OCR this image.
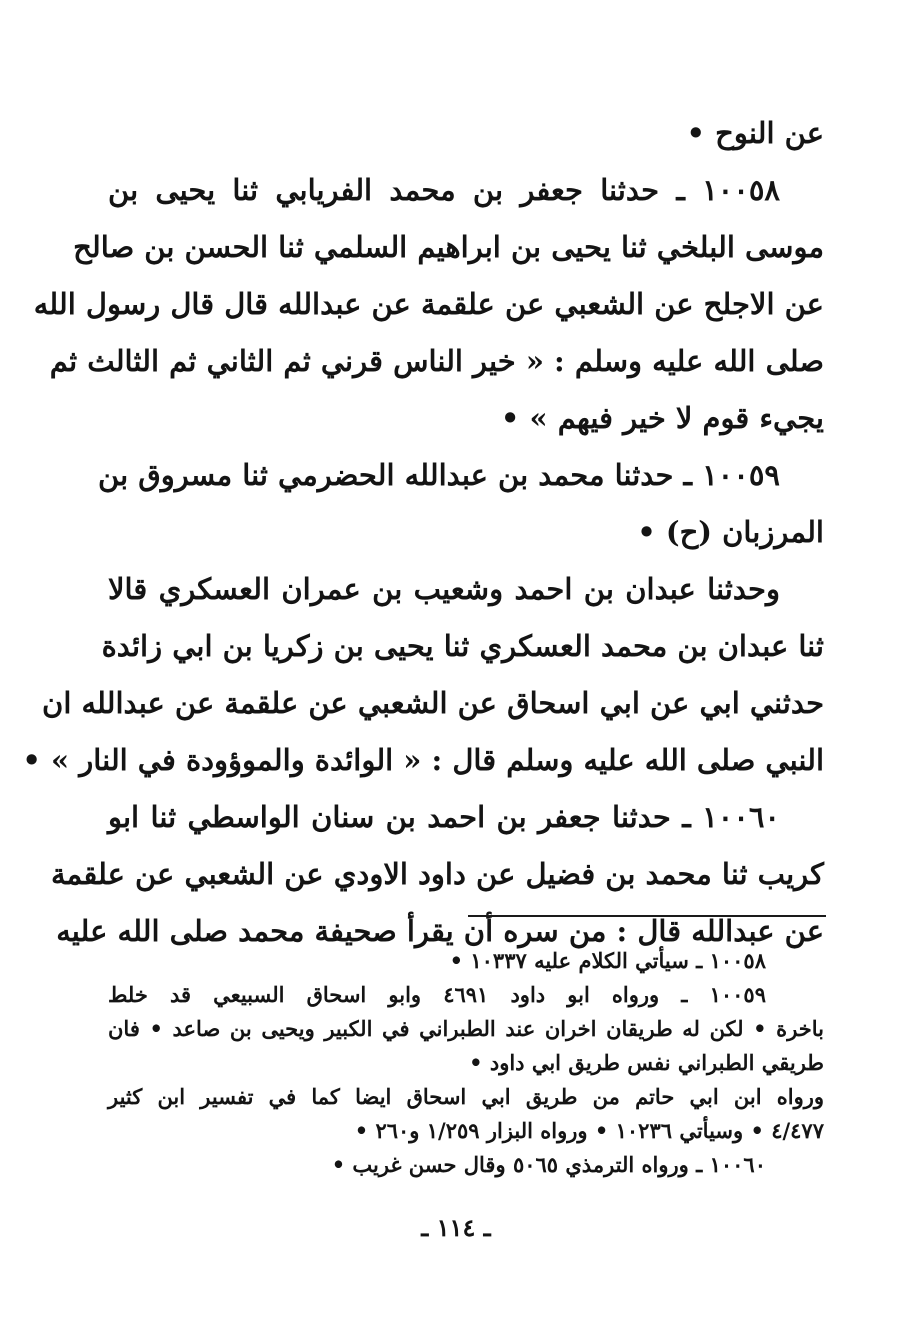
عن النوح •
١٠٠٥٨ ـ حدثنا جعفر بن محمد الفريابي ثنا يحيى بن
موسى البلخي ثنا يحيى بن ابراهيم السلمي ثنا الحسن بن صالح
عن الاجلح عن الشعبي عن علقمة عن عبدالله قال قال رسول الله
صلى الله عليه وسلم : « خير الناس قرني ثم الثاني ثم الثالث ثم
يجيء قوم لا خير فيهم » •
١٠٠٥٩ ـ حدثنا محمد بن عبدالله الحضرمي ثنا مسروق بن
المرزبان (ح) •
وحدثنا عبدان بن احمد وشعيب بن عمران العسكري قالا
ثنا عبدان بن محمد العسكري ثنا يحيى بن زكريا بن ابي زائدة
حدثني ابي عن ابي اسحاق عن الشعبي عن علقمة عن عبدالله ان
النبي صلى الله عليه وسلم قال : « الوائدة والموؤودة في النار » •
١٠٠٦٠ ـ حدثنا جعفر بن احمد بن سنان الواسطي ثنا ابو
كريب ثنا محمد بن فضيل عن داود الاودي عن الشعبي عن علقمة
عن عبدالله قال : من سره أن يقرأ صحيفة محمد صلى الله عليه
١٠٠٥٨ ـ سيأتي الكلام عليه ١٠٣٣٧ •
١٠٠٥٩ ـ ورواه ابو داود ٤٦٩١ وابو اسحاق السبيعي قد خلط
باخرة • لكن له طريقان اخران عند الطبراني في الكبير ويحيى بن صاعد • فان
طريقي الطبراني نفس طريق ابي داود •
ورواه ابن ابي حاتم من طريق ابي اسحاق ايضا كما في تفسير ابن كثير
٤/٤٧٧ • وسيأتي ١٠٢٣٦ • ورواه البزار ١/٢٥٩ و٢٦٠ •
١٠٠٦٠ ـ ورواه الترمذي ٥٠٦٥ وقال حسن غريب •
ـ ١١٤ ـ
